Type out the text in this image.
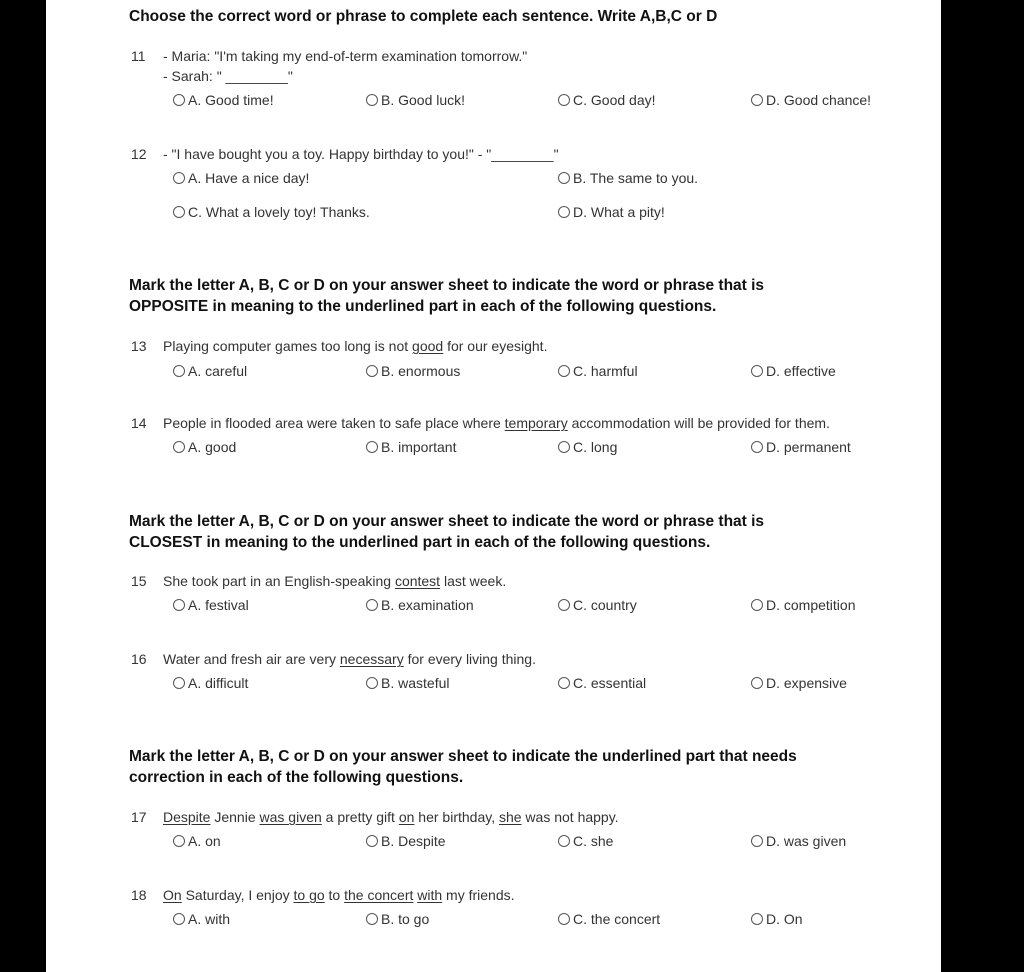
Choose the correct word or phrase to complete each sentence. Write A,B,C or D
11 - Maria: "I'm taking my end-of-term examination tomorrow."
- Sarah: " ________"
A. Good time!	B. Good luck!	C. Good day!	D. Good chance!
12 - "I have bought you a toy. Happy birthday to you!" - "________"
A. Have a nice day!	B. The same to you.
C. What a lovely toy! Thanks.	D. What a pity!
Mark the letter A, B, C or D on your answer sheet to indicate the word or phrase that is
OPPOSITE in meaning to the underlined part in each of the following questions.
13 Playing computer games too long is not good for our eyesight.
A. careful	B. enormous	C. harmful	D. effective
14 People in flooded area were taken to safe place where temporary accommodation will be provided for them.
A. good	B. important	C. long	D. permanent
Mark the letter A, B, C or D on your answer sheet to indicate the word or phrase that is
CLOSEST in meaning to the underlined part in each of the following questions.
15 She took part in an English-speaking contest last week.
A. festival	B. examination	C. country	D. competition
16 Water and fresh air are very necessary for every living thing.
A. difficult	B. wasteful	C. essential	D. expensive
Mark the letter A, B, C or D on your answer sheet to indicate the underlined part that needs
correction in each of the following questions.
17 Despite Jennie was given a pretty gift on her birthday, she was not happy.
A. on	B. Despite	C. she	D. was given
18 On Saturday, I enjoy to go to the concert with my friends.
A. with	B. to go	C. the concert	D. On
